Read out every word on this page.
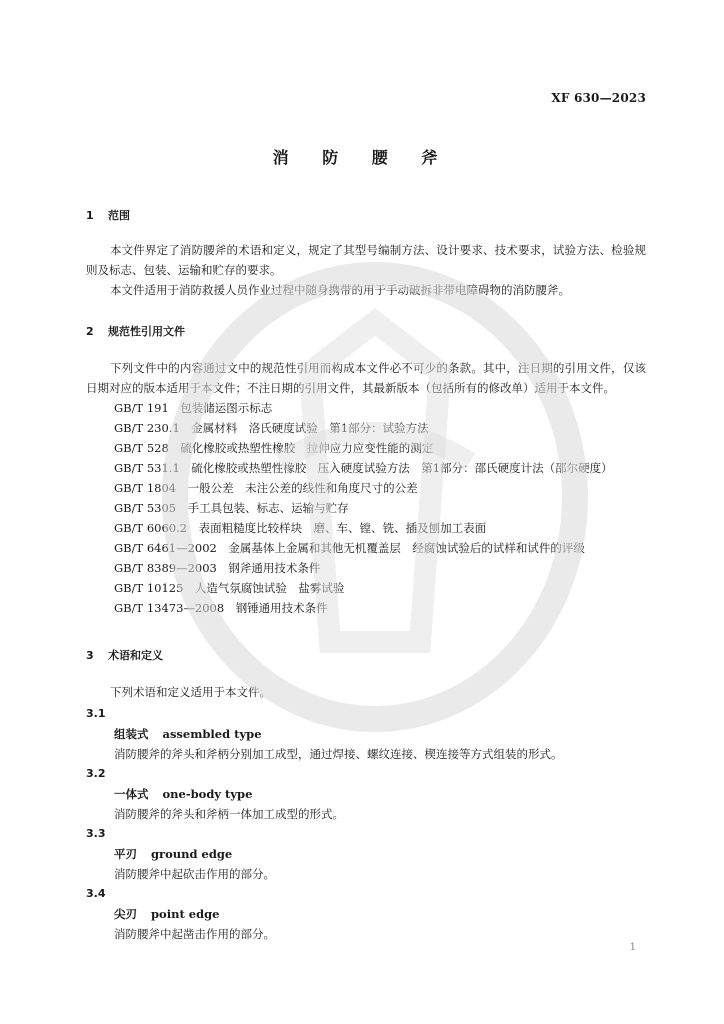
XF 630—2023
消 防 腰 斧
1 范围

本文件界定了消防腰斧的术语和定义，规定了其型号编制方法、设计要求、技术要求，试验方法、检验规则及标志、包装、运输和贮存的要求。

本文件适用于消防救援人员作业过程中随身携带的用于手动破拆非带电障碍物的消防腰斧。

2 规范性引用文件

下列文件中的内容通过文中的规范性引用而构成本文件必不可少的条款。其中，注日期的引用文件，仅该日期对应的版本适用于本文件；不注日期的引用文件，其最新版本（包括所有的修改单）适用于本文件。

GB/T 191　包装储运图示标志
GB/T 230.1　金属材料　洛氏硬度试验　第1部分：试验方法
GB/T 528　硫化橡胶或热塑性橡胶　拉伸应力应变性能的测定
GB/T 531.1　硫化橡胶或热塑性橡胶　压入硬度试验方法　第1部分：邵氏硬度计法（邵尔硬度）
GB/T 1804　一般公差　未注公差的线性和角度尺寸的公差
GB/T 5305　手工具包装、标志、运输与贮存
GB/T 6060.2　表面粗糙度比较样块　磨、车、镗、铣、插及刨加工表面
GB/T 6461—2002　金属基体上金属和其他无机覆盖层　经腐蚀试验后的试样和试件的评级
GB/T 8389—2003　钢斧通用技术条件
GB/T 10125　人造气氛腐蚀试验　盐雾试验
GB/T 13473—2008　钢锤通用技术条件
3 术语和定义

下列术语和定义适用于本文件。

3.1
组装式 assembled type
消防腰斧的斧头和斧柄分别加工成型，通过焊接、螺纹连接、楔连接等方式组装的形式。
3.2
一体式 one-body type
消防腰斧的斧头和斧柄一体加工成型的形式。
3.3
平刃 ground edge
消防腰斧中起砍击作用的部分。
3.4
尖刃 point edge
消防腰斧中起凿击作用的部分。
1
